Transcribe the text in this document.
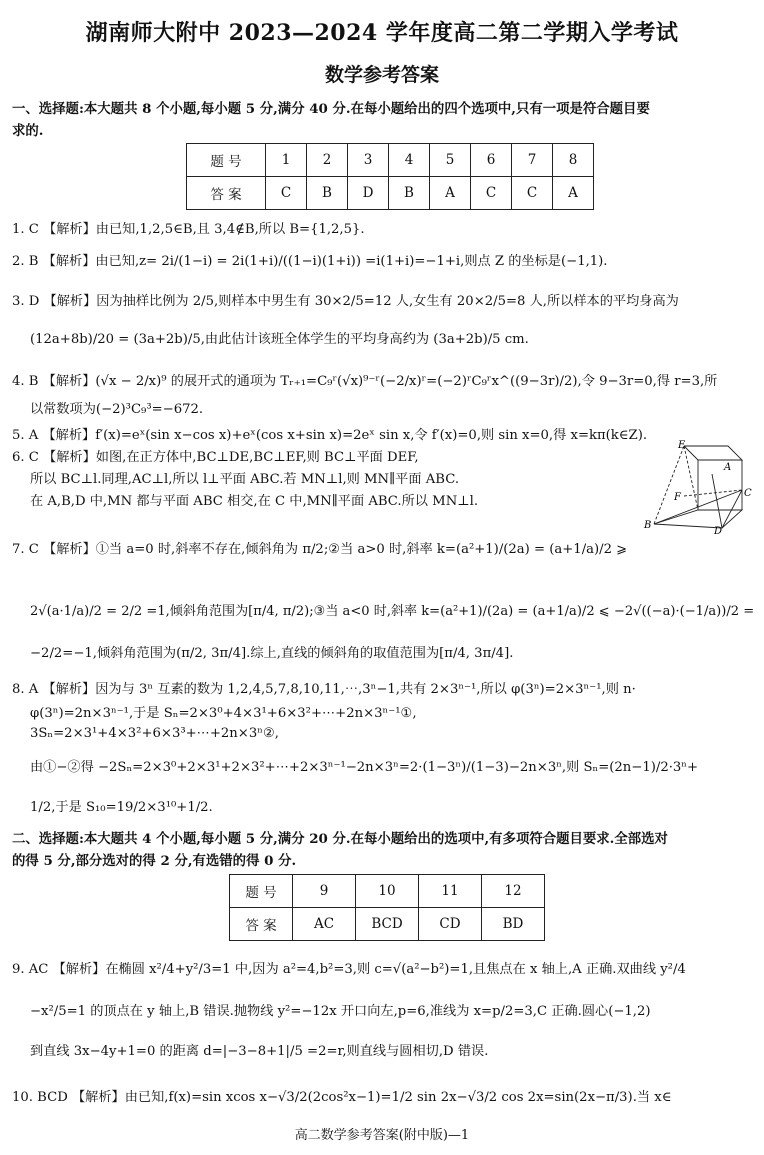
湖南师大附中 2023—2024 学年度高二第二学期入学考试
数学参考答案
一、选择题:本大题共 8 个小题,每小题 5 分,满分 40 分.在每小题给出的四个选项中,只有一项是符合题目要
求的.
题 号	1	2	3	4	5	6	7	8
答 案	C	B	D	B	A	C	C	A
1. C 【解析】由已知,1,2,5∈B,且 3,4∉B,所以 B={1,2,5}.
2. B 【解析】由已知,z= 2i/(1−i) = 2i(1+i)/((1−i)(1+i)) =i(1+i)=−1+i,则点 Z 的坐标是(−1,1).
3. D 【解析】因为抽样比例为 2/5,则样本中男生有 30×2/5=12 人,女生有 20×2/5=8 人,所以样本的平均身高为
(12a+8b)/20 = (3a+2b)/5,由此估计该班全体学生的平均身高约为 (3a+2b)/5 cm.
4. B 【解析】(√x − 2/x)⁹ 的展开式的通项为 Tᵣ₊₁=C₉ʳ(√x)⁹⁻ʳ(−2/x)ʳ=(−2)ʳC₉ʳx^((9−3r)/2),令 9−3r=0,得 r=3,所
以常数项为(−2)³C₉³=−672.
5. A 【解析】f′(x)=eˣ(sin x−cos x)+eˣ(cos x+sin x)=2eˣ sin x,令 f′(x)=0,则 sin x=0,得 x=kπ(k∈Z).
6. C 【解析】如图,在正方体中,BC⊥DE,BC⊥EF,则 BC⊥平面 DEF,
所以 BC⊥l.同理,AC⊥l,所以 l⊥平面 ABC.若 MN⊥l,则 MN∥平面 ABC.
在 A,B,D 中,MN 都与平面 ABC 相交,在 C 中,MN∥平面 ABC.所以 MN⊥l.
E
F
A
C
B
D
7. C 【解析】①当 a=0 时,斜率不存在,倾斜角为 π/2;②当 a>0 时,斜率 k=(a²+1)/(2a) = (a+1/a)/2 ⩾
2√(a·1/a)/2 = 2/2 =1,倾斜角范围为[π/4, π/2);③当 a<0 时,斜率 k=(a²+1)/(2a) = (a+1/a)/2 ⩽ −2√((−a)·(−1/a))/2 =
−2/2=−1,倾斜角范围为(π/2, 3π/4].综上,直线的倾斜角的取值范围为[π/4, 3π/4].
8. A 【解析】因为与 3ⁿ 互素的数为 1,2,4,5,7,8,10,11,⋯,3ⁿ−1,共有 2×3ⁿ⁻¹,所以 φ(3ⁿ)=2×3ⁿ⁻¹,则 n·
φ(3ⁿ)=2n×3ⁿ⁻¹,于是 Sₙ=2×3⁰+4×3¹+6×3²+⋯+2n×3ⁿ⁻¹①,
3Sₙ=2×3¹+4×3²+6×3³+⋯+2n×3ⁿ②,
由①−②得 −2Sₙ=2×3⁰+2×3¹+2×3²+⋯+2×3ⁿ⁻¹−2n×3ⁿ=2·(1−3ⁿ)/(1−3)−2n×3ⁿ,则 Sₙ=(2n−1)/2·3ⁿ+
1/2,于是 S₁₀=19/2×3¹⁰+1/2.
二、选择题:本大题共 4 个小题,每小题 5 分,满分 20 分.在每小题给出的选项中,有多项符合题目要求.全部选对
的得 5 分,部分选对的得 2 分,有选错的得 0 分.
题 号	9	10	11	12
答 案	AC	BCD	CD	BD
9. AC 【解析】在椭圆 x²/4+y²/3=1 中,因为 a²=4,b²=3,则 c=√(a²−b²)=1,且焦点在 x 轴上,A 正确.双曲线 y²/4
−x²/5=1 的顶点在 y 轴上,B 错误.抛物线 y²=−12x 开口向左,p=6,准线为 x=p/2=3,C 正确.圆心(−1,2)
到直线 3x−4y+1=0 的距离 d=|−3−8+1|/5 =2=r,则直线与圆相切,D 错误.
10. BCD 【解析】由已知,f(x)=sin xcos x−√3/2(2cos²x−1)=1/2 sin 2x−√3/2 cos 2x=sin(2x−π/3).当 x∈
高二数学参考答案(附中版)—1
